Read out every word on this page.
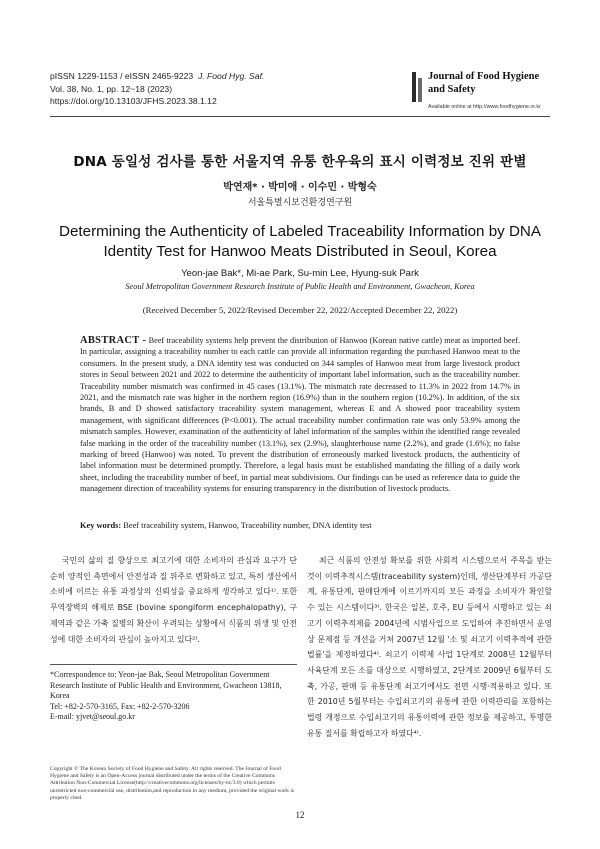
pISSN 1229-1153 / eISSN 2465-9223 J. Food Hyg. Saf.
Vol. 38, No. 1, pp. 12~18 (2023)
https://doi.org/10.13103/JFHS.2023.38.1.12
Journal of Food Hygiene
and Safety
Available online at http://www.foodhygiene.or.kr
DNA 동일성 검사를 통한 서울지역 유통 한우육의 표시 이력정보 진위 판별
박연재* · 박미애 · 이수민 · 박형숙
서울특별시보건환경연구원
Determining the Authenticity of Labeled Traceability Information by DNA Identity Test for Hanwoo Meats Distributed in Seoul, Korea
Yeon-jae Bak*, Mi-ae Park, Su-min Lee, Hyung-suk Park
Seoul Metropolitan Government Research Institute of Public Health and Environment, Gwacheon, Korea
(Received December 5, 2022/Revised December 22, 2022/Accepted December 22, 2022)
ABSTRACT - Beef traceability systems help prevent the distribution of Hanwoo (Korean native cattle) meat as imported beef. In particular, assigning a traceability number to each cattle can provide all information regarding the purchased Hanwoo meat to the consumers. In the present study, a DNA identity test was conducted on 344 samples of Hanwoo meat from large livestock product stores in Seoul between 2021 and 2022 to determine the authenticity of important label information, such as the traceability number. Traceability number mismatch was confirmed in 45 cases (13.1%). The mismatch rate decreased to 11.3% in 2022 from 14.7% in 2021, and the mismatch rate was higher in the northern region (16.9%) than in the southern region (10.2%). In addition, of the six brands, B and D showed satisfactory traceability system management, whereas E and A showed poor traceability system management, with significant differences (P<0.001). The actual traceability number confirmation rate was only 53.9% among the mismatch samples. However, examination of the authenticity of label information of the samples within the identified range revealed false marking in the order of the traceability number (13.1%), sex (2.9%), slaughterhouse name (2.2%), and grade (1.6%); no false marking of breed (Hanwoo) was noted. To prevent the distribution of erroneously marked livestock products, the authenticity of label information must be determined promptly. Therefore, a legal basis must be established mandating the filling of a daily work sheet, including the traceability number of beef, in partial meat subdivisions. Our findings can be used as reference data to guide the management direction of traceability systems for ensuring transparency in the distribution of livestock products.
Key words: Beef traceability system, Hanwoo, Traceability number, DNA identity test

국민의 삶의 질 향상으로 최고기에 대한 소비자의 관심과 요구가 단순히 양적인 측면에서 안전성과 질 위주로 변화하고 있고, 특히 생산에서 소비에 이르는 유통 과정상의 신뢰성을 중요하게 생각하고 있다¹⁾. 또한 무역장벽의 해제로 BSE (bovine spongiform encephalopathy), 구제역과 같은 가축 질병의 확산이 우려되는 상황에서 식품의 위생 및 안전성에 대한 소비자의 관심이 높아지고 있다²⁾.

최근 식품의 안전성 확보를 위한 사회적 시스템으로서 주목을 받는 것이 이력추적시스템(traceability system)인데, 생산단계부터 가공단계, 유통단계, 판매단계에 이르기까지의 모든 과정을 소비자가 확인할 수 있는 시스템이다³⁾. 한국은 일본, 호주, EU 등에서 시행하고 있는 쇠고기 이력추적제를 2004년에 시범사업으로 도입하여 추진하면서 운영상 문제점 등 개선을 거쳐 2007년 12월 '소 및 쇠고기 이력추적에 관한 법률'을 제정하였다⁴⁾. 쇠고기 이력제 사업 1단계로 2008년 12월부터 사육단계 모든 소를 대상으로 시행하였고, 2단계로 2009년 6월부터 도축, 가공, 판매 등 유통단계 쇠고기에서도 전면 시행·적용하고 있다. 또한 2010년 5월부터는 수입쇠고기의 유통에 관한 이력관리를 포함하는 법령 개정으로 수입쇠고기의 유통이력에 관한 정보를 제공하고, 투명한 유통 질서를 확립하고자 하였다⁴⁾.

*Correspondence to: Yeon-jae Bak, Seoul Metropolitan Government Research Institute of Public Health and Environment, Gwacheon 13818, Korea
Tel: +82-2-570-3165, Fax: +82-2-570-3206
E-mail: yjvet@seoul.go.kr
Copyright © The Korean Society of Food Hygiene and Safety. All rights reserved. The Journal of Food Hygiene and Safety is an Open-Access journal distributed under the terms of the Creative Commons Attribution Non-Commercial License(http://creativecommons.org/licenses/by-nc/3.0) which permits unrestricted non-commercial use, distribution,and reproduction in any medium, provided the original work is properly cited.
12
